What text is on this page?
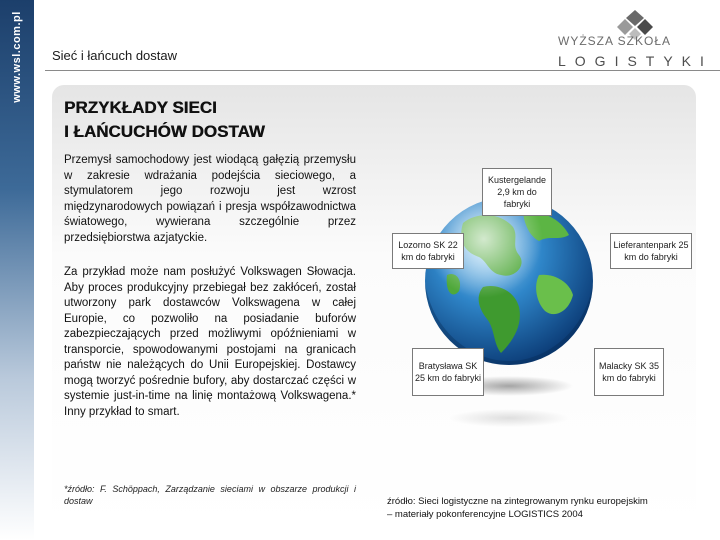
www.wsl.com.pl Sieć i łańcuch dostaw
WYŻSZA SZKOŁA
LOGISTYKI
PRZYKŁADY SIECI
I ŁAŃCUCHÓW DOSTAW

Przemysł samochodowy jest wiodącą gałęzią przemysłu w zakresie wdrażania podejścia sieciowego, a stymulatorem jego rozwoju jest wzrost międzynarodowych powiązań i presja współzawodnictwa światowego, wywierana szczególnie przez przedsiębiorstwa azjatyckie.

Za przykład może nam posłużyć Volkswagen Słowacja. Aby proces produkcyjny przebiegał bez zakłóceń, został utworzony park dostawców Volkswagena w całej Europie, co pozwoliło na posiadanie buforów zabezpieczających przed możliwymi opóźnieniami w transporcie, spowodowanymi postojami na granicach państw nie należących do Unii Europejskiej. Dostawcy mogą tworzyć pośrednie bufory, aby dostarczać części w systemie just-in-time na linię montażową Volkswagena.* Inny przykład to smart.

*źródło: F. Schöppach, Zarządzanie sieciami w obszarze produkcji i dostaw
Kustergelande 2,9 km do fabryki
Lozorno SK 22 km do fabryki
Lieferantenpark 25 km do fabryki
Bratysława SK 25 km do fabryki
Malacky SK 35 km do fabryki
źródło: Sieci logistyczne na zintegrowanym rynku europejskim
– materiały pokonferencyjne LOGISTICS 2004
